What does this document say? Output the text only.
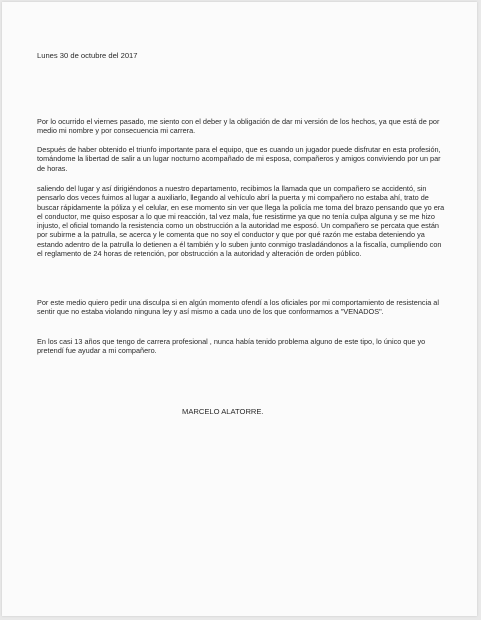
Lunes 30 de octubre del 2017
Por lo ocurrido el viernes pasado, me siento con el deber y la obligación de dar mi versión de los hechos, ya que está de por medio mi nombre y por consecuencia mi carrera.
Después de haber obtenido el triunfo importante para el equipo, que es cuando un jugador puede disfrutar en esta profesión, tomándome la libertad de salir a un lugar nocturno acompañado de mi esposa, compañeros y amigos conviviendo por un par de horas.
saliendo del lugar y así dirigiéndonos a nuestro departamento, recibimos la llamada que un compañero se accidentó, sin pensarlo dos veces fuimos al lugar a auxiliarlo, llegando al vehículo abrí la puerta y mi compañero no estaba ahí, trato de buscar rápidamente la póliza y el celular, en ese momento sin ver que llega la policía me toma del brazo pensando que yo era el conductor, me quiso esposar a lo que mi reacción, tal vez mala, fue resistirme ya que no tenía culpa alguna y se me hizo injusto, el oficial tomando la resistencia como un obstrucción a la autoridad me esposó. Un compañero se percata que están por subirme a la patrulla, se acerca y le comenta que no soy el conductor y que por qué razón me estaba deteniendo ya estando adentro de la patrulla lo detienen a él también y lo suben junto conmigo trasladándonos a la fiscalía, cumpliendo con el reglamento de 24 horas de retención, por obstrucción a la autoridad y alteración de orden público.
Por este medio quiero pedir una disculpa si en algún momento ofendí a los oficiales por mi comportamiento de resistencia al sentir que no estaba violando ninguna ley y así mismo a cada uno de los que conformamos a "VENADOS".
En los casi 13 años que tengo de carrera profesional , nunca había tenido problema alguno de este tipo, lo único que yo pretendí fue ayudar a mi compañero.
MARCELO ALATORRE.
